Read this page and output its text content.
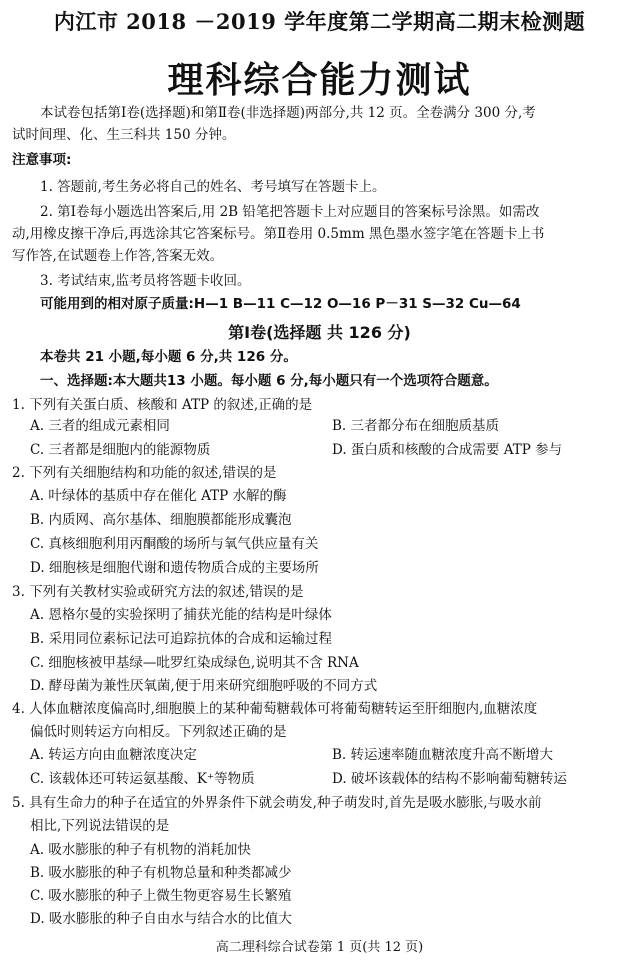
内江市 2018 －2019 学年度第二学期高二期末检测题
理科综合能力测试
本试卷包括第Ⅰ卷(选择题)和第Ⅱ卷(非选择题)两部分,共 12 页。全卷满分 300 分,考
试时间理、化、生三科共 150 分钟。
注意事项:
1. 答题前,考生务必将自己的姓名、考号填写在答题卡上。
2. 第Ⅰ卷每小题选出答案后,用 2B 铅笔把答题卡上对应题目的答案标号涂黑。如需改
动,用橡皮擦干净后,再选涂其它答案标号。第Ⅱ卷用 0.5mm 黑色墨水签字笔在答题卡上书
写作答,在试题卷上作答,答案无效。
3. 考试结束,监考员将答题卡收回。
可能用到的相对原子质量:H—1 B—11 C—12 O—16 P－31 S—32 Cu—64
第Ⅰ卷(选择题 共 126 分)
本卷共 21 小题,每小题 6 分,共 126 分。
一、选择题:本大题共13 小题。每小题 6 分,每小题只有一个选项符合题意。
1. 下列有关蛋白质、核酸和 ATP 的叙述,正确的是
A. 三者的组成元素相同	B. 三者都分布在细胞质基质
C. 三者都是细胞内的能源物质	D. 蛋白质和核酸的合成需要 ATP 参与
2. 下列有关细胞结构和功能的叙述,错误的是
A. 叶绿体的基质中存在催化 ATP 水解的酶
B. 内质网、高尔基体、细胞膜都能形成囊泡
C. 真核细胞利用丙酮酸的场所与氧气供应量有关
D. 细胞核是细胞代谢和遗传物质合成的主要场所
3. 下列有关教材实验或研究方法的叙述,错误的是
A. 恩格尔曼的实验探明了捕获光能的结构是叶绿体
B. 采用同位素标记法可追踪抗体的合成和运输过程
C. 细胞核被甲基绿—吡罗红染成绿色,说明其不含 RNA
D. 酵母菌为兼性厌氧菌,便于用来研究细胞呼吸的不同方式
4. 人体血糖浓度偏高时,细胞膜上的某种葡萄糖载体可将葡萄糖转运至肝细胞内,血糖浓度
偏低时则转运方向相反。下列叙述正确的是
A. 转运方向由血糖浓度决定	B. 转运速率随血糖浓度升高不断增大
C. 该载体还可转运氨基酸、K⁺等物质	D. 破坏该载体的结构不影响葡萄糖转运
5. 具有生命力的种子在适宜的外界条件下就会萌发,种子萌发时,首先是吸水膨胀,与吸水前
相比,下列说法错误的是
A. 吸水膨胀的种子有机物的消耗加快
B. 吸水膨胀的种子有机物总量和种类都减少
C. 吸水膨胀的种子上微生物更容易生长繁殖
D. 吸水膨胀的种子自由水与结合水的比值大
高二理科综合试卷第 1 页(共 12 页)
